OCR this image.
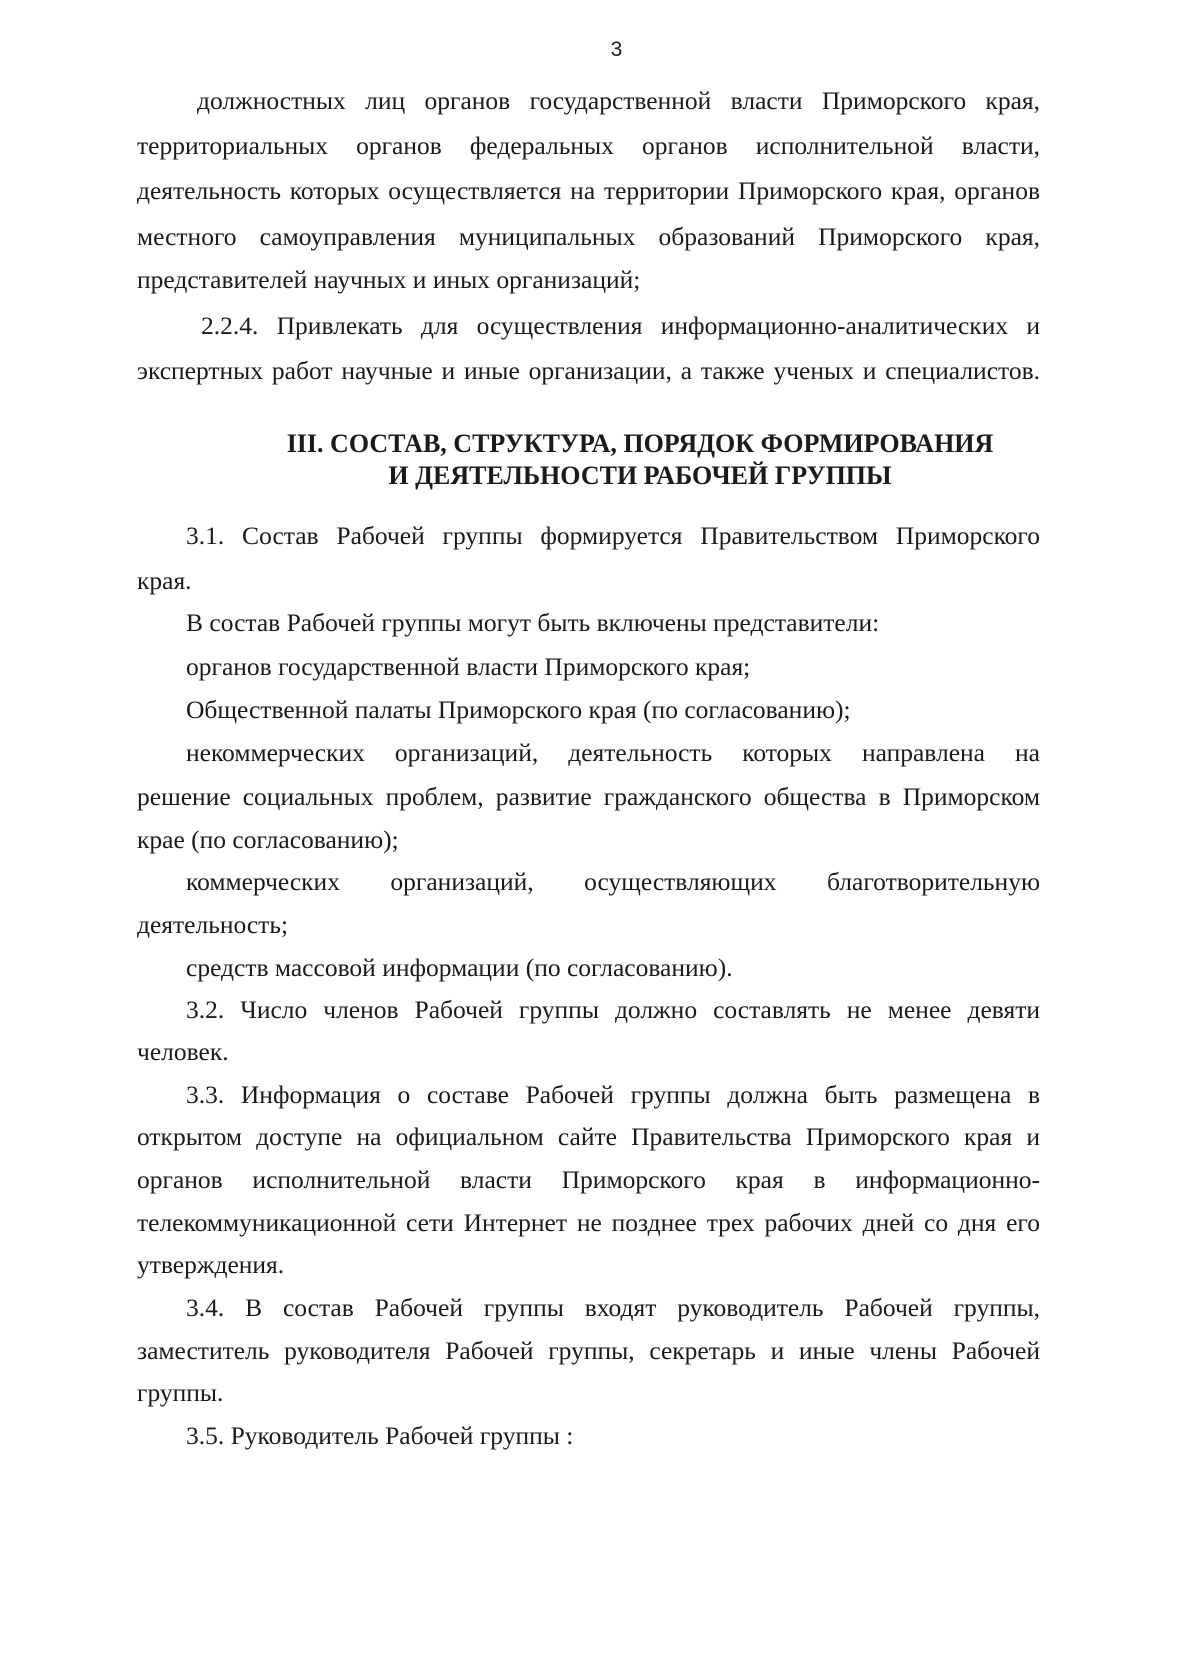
3
должностных лиц органов государственной власти Приморского края,
территориальных органов федеральных органов исполнительной власти,
деятельность которых осуществляется на территории Приморского края, органов
местного самоуправления муниципальных образований Приморского края,
представителей научных и иных организаций;
2.2.4. Привлекать для осуществления информационно-аналитических и
экспертных работ научные и иные организации, а также ученых и специалистов.
III. СОСТАВ, СТРУКТУРА, ПОРЯДОК ФОРМИРОВАНИЯ
И ДЕЯТЕЛЬНОСТИ РАБОЧЕЙ ГРУППЫ
3.1. Состав Рабочей группы формируется Правительством Приморского
края.
В состав Рабочей группы могут быть включены представители:
органов государственной власти Приморского края;
Общественной палаты Приморского края (по согласованию);
некоммерческих организаций, деятельность которых направлена на
решение социальных проблем, развитие гражданского общества в Приморском
крае (по согласованию);
коммерческих организаций, осуществляющих благотворительную
деятельность;
средств массовой информации (по согласованию).
3.2. Число членов Рабочей группы должно составлять не менее девяти
человек.
3.3. Информация о составе Рабочей группы должна быть размещена в
открытом доступе на официальном сайте Правительства Приморского края и
органов исполнительной власти Приморского края в информационно-
телекоммуникационной сети Интернет не позднее трех рабочих дней со дня его
утверждения.
3.4. В состав Рабочей группы входят руководитель Рабочей группы,
заместитель руководителя Рабочей группы, секретарь и иные члены Рабочей
группы.
3.5. Руководитель Рабочей группы :
